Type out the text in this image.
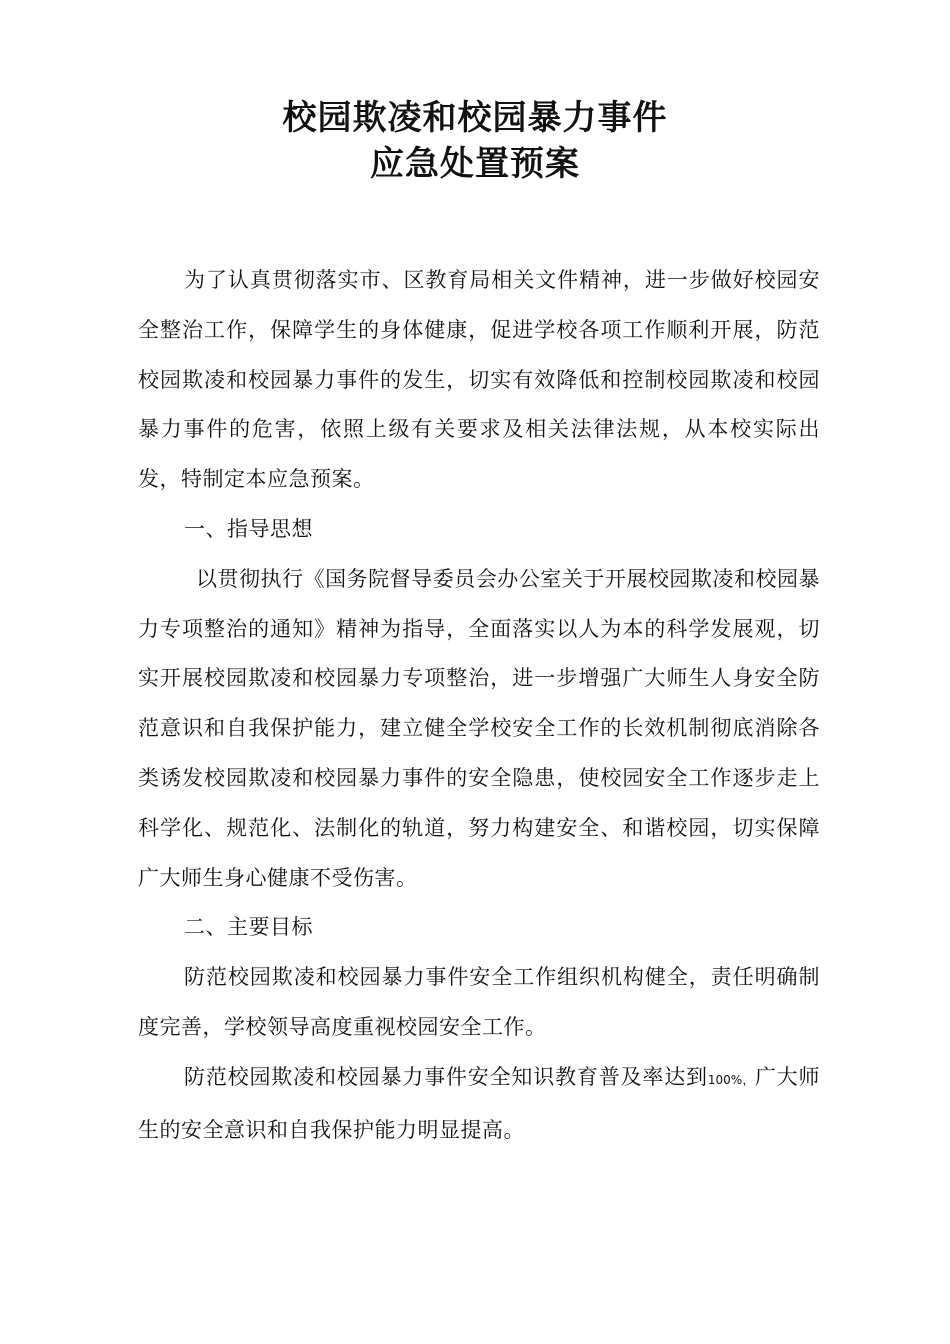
校园欺凌和校园暴力事件
应急处置预案

为了认真贯彻落实市、区教育局相关文件精神，进一步做好校园安全整治工作，保障学生的身体健康，促进学校各项工作顺利开展，防范校园欺凌和校园暴力事件的发生，切实有效降低和控制校园欺凌和校园暴力事件的危害，依照上级有关要求及相关法律法规，从本校实际出发，特制定本应急预案。

一、指导思想

以贯彻执行《国务院督导委员会办公室关于开展校园欺凌和校园暴力专项整治的通知》精神为指导，全面落实以人为本的科学发展观，切实开展校园欺凌和校园暴力专项整治，进一步增强广大师生人身安全防范意识和自我保护能力，建立健全学校安全工作的长效机制彻底消除各类诱发校园欺凌和校园暴力事件的安全隐患，使校园安全工作逐步走上科学化、规范化、法制化的轨道，努力构建安全、和谐校园，切实保障广大师生身心健康不受伤害。

二、主要目标

防范校园欺凌和校园暴力事件安全工作组织机构健全，责任明确制度完善，学校领导高度重视校园安全工作。

防范校园欺凌和校园暴力事件安全知识教育普及率达到100%，广大师生的安全意识和自我保护能力明显提高。
